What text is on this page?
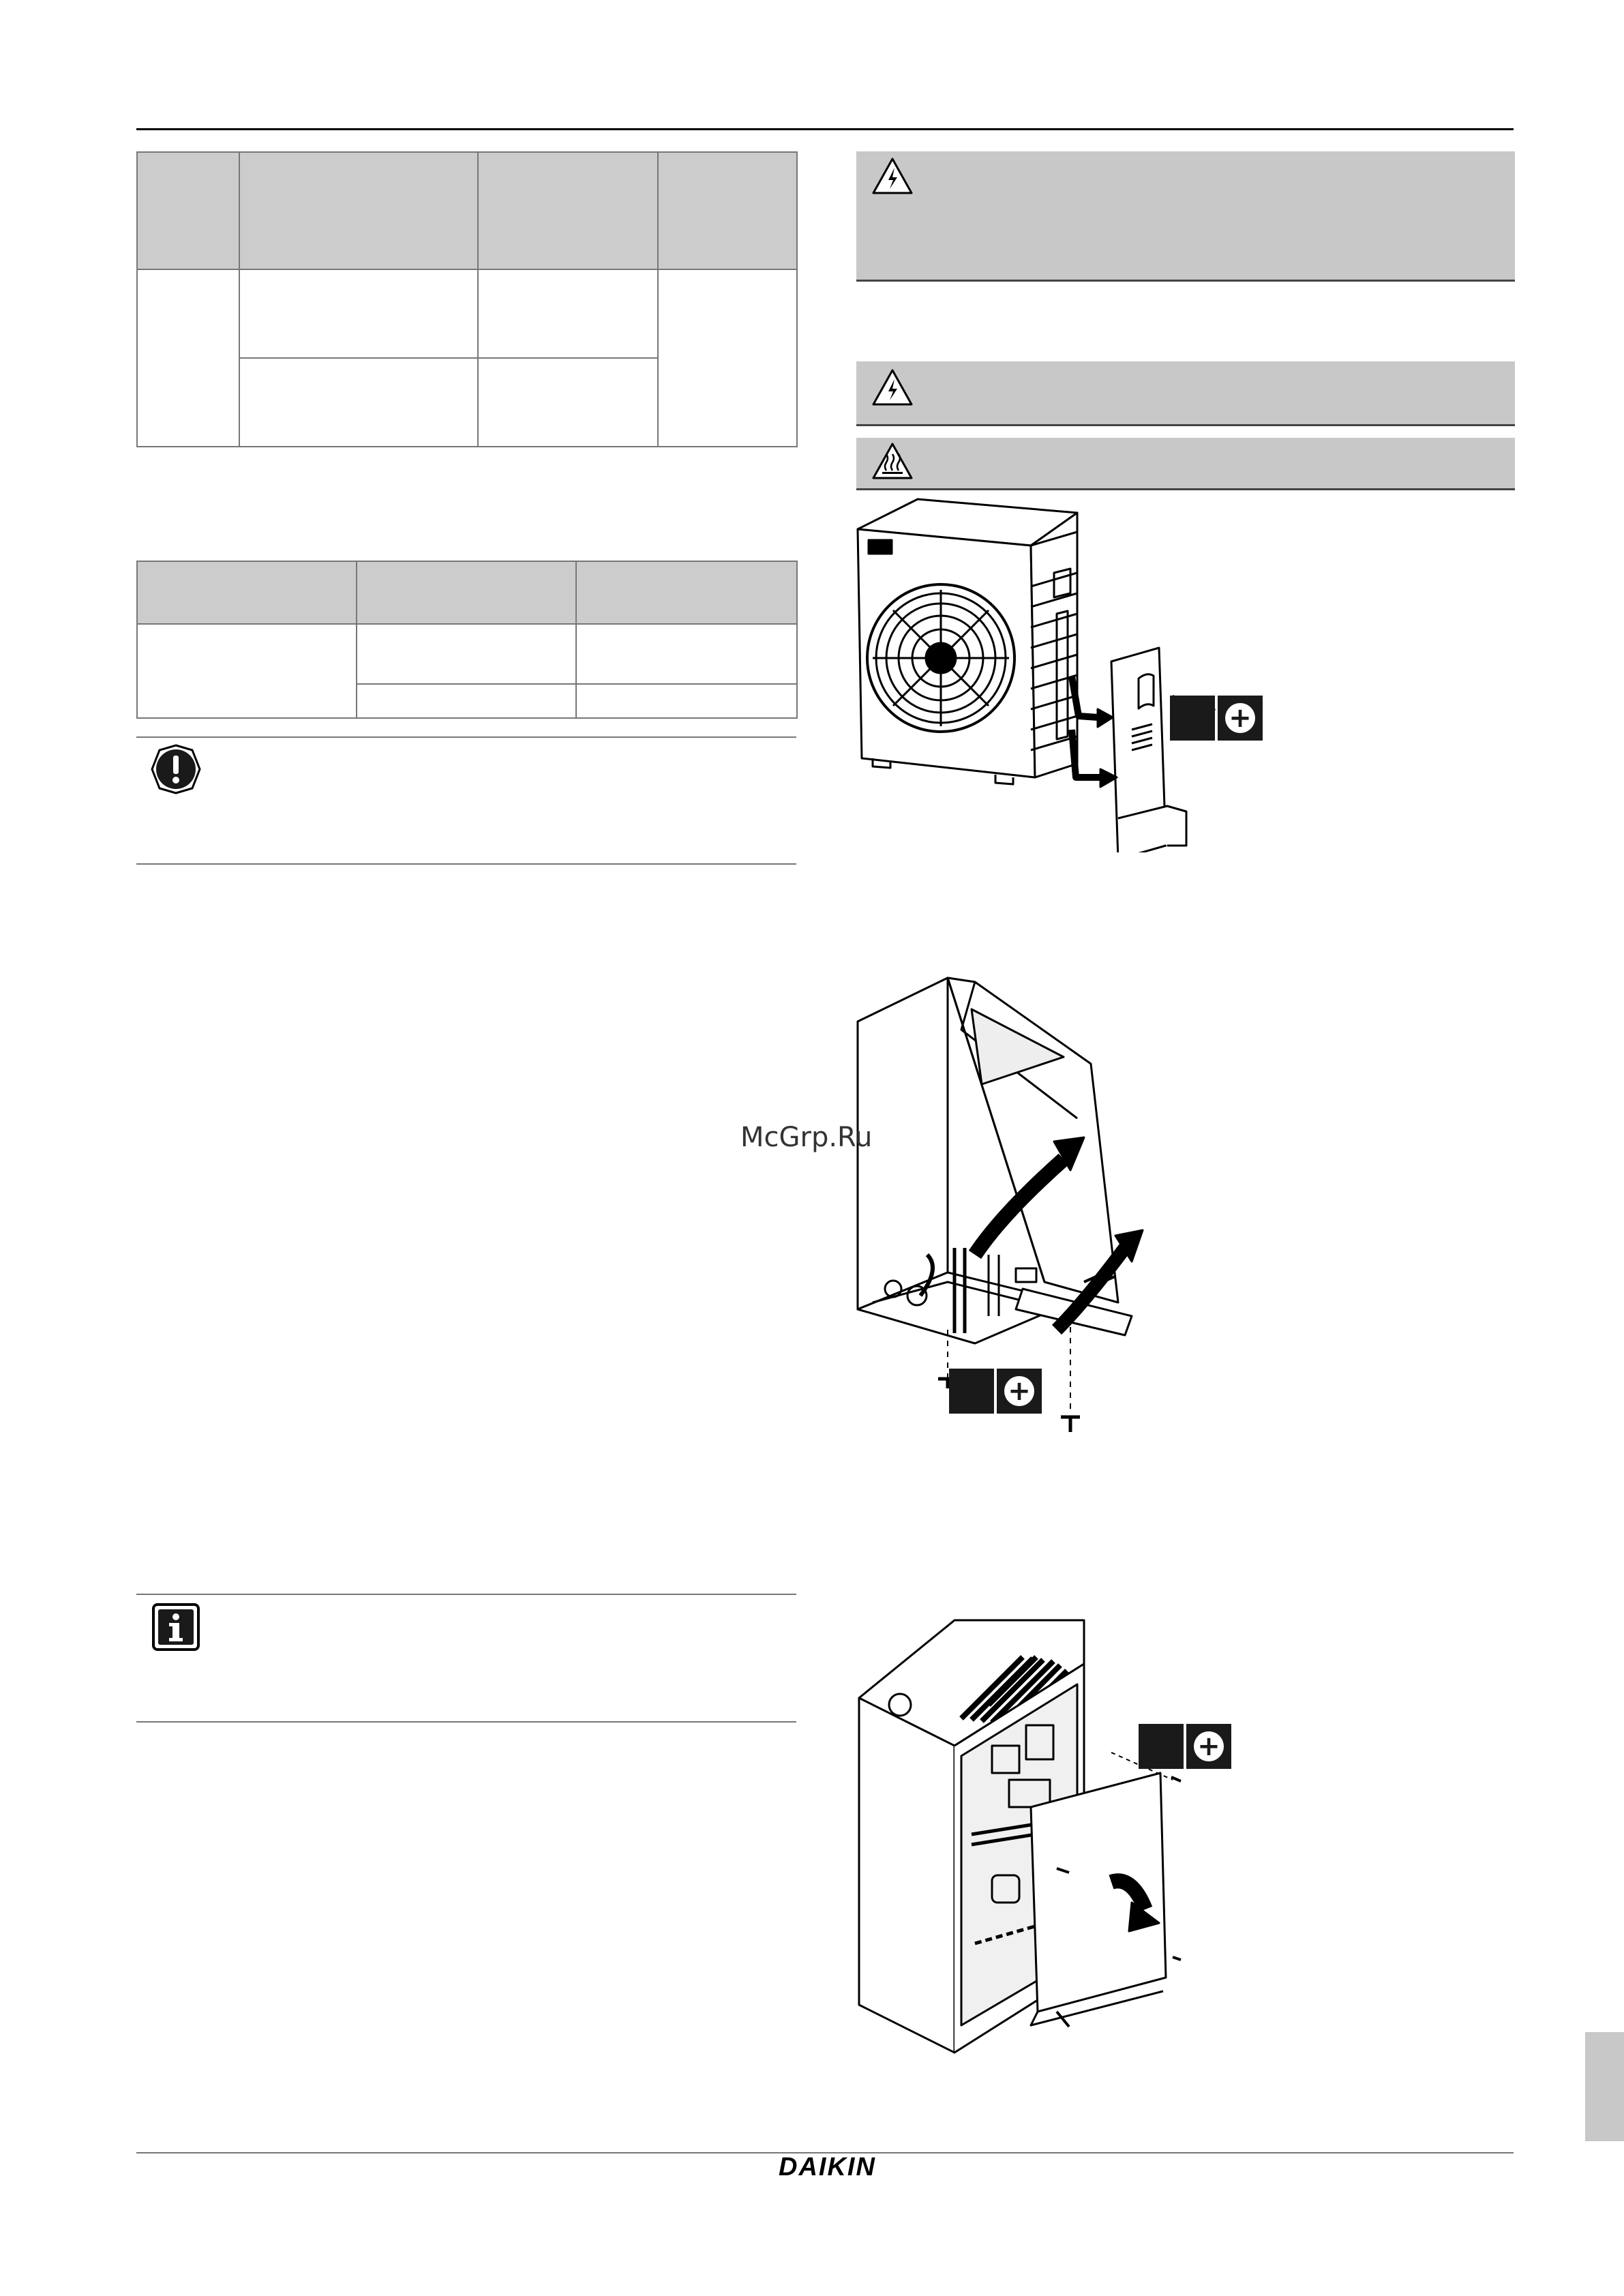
+
+
McGrp.Ru
+
DAIKIN
